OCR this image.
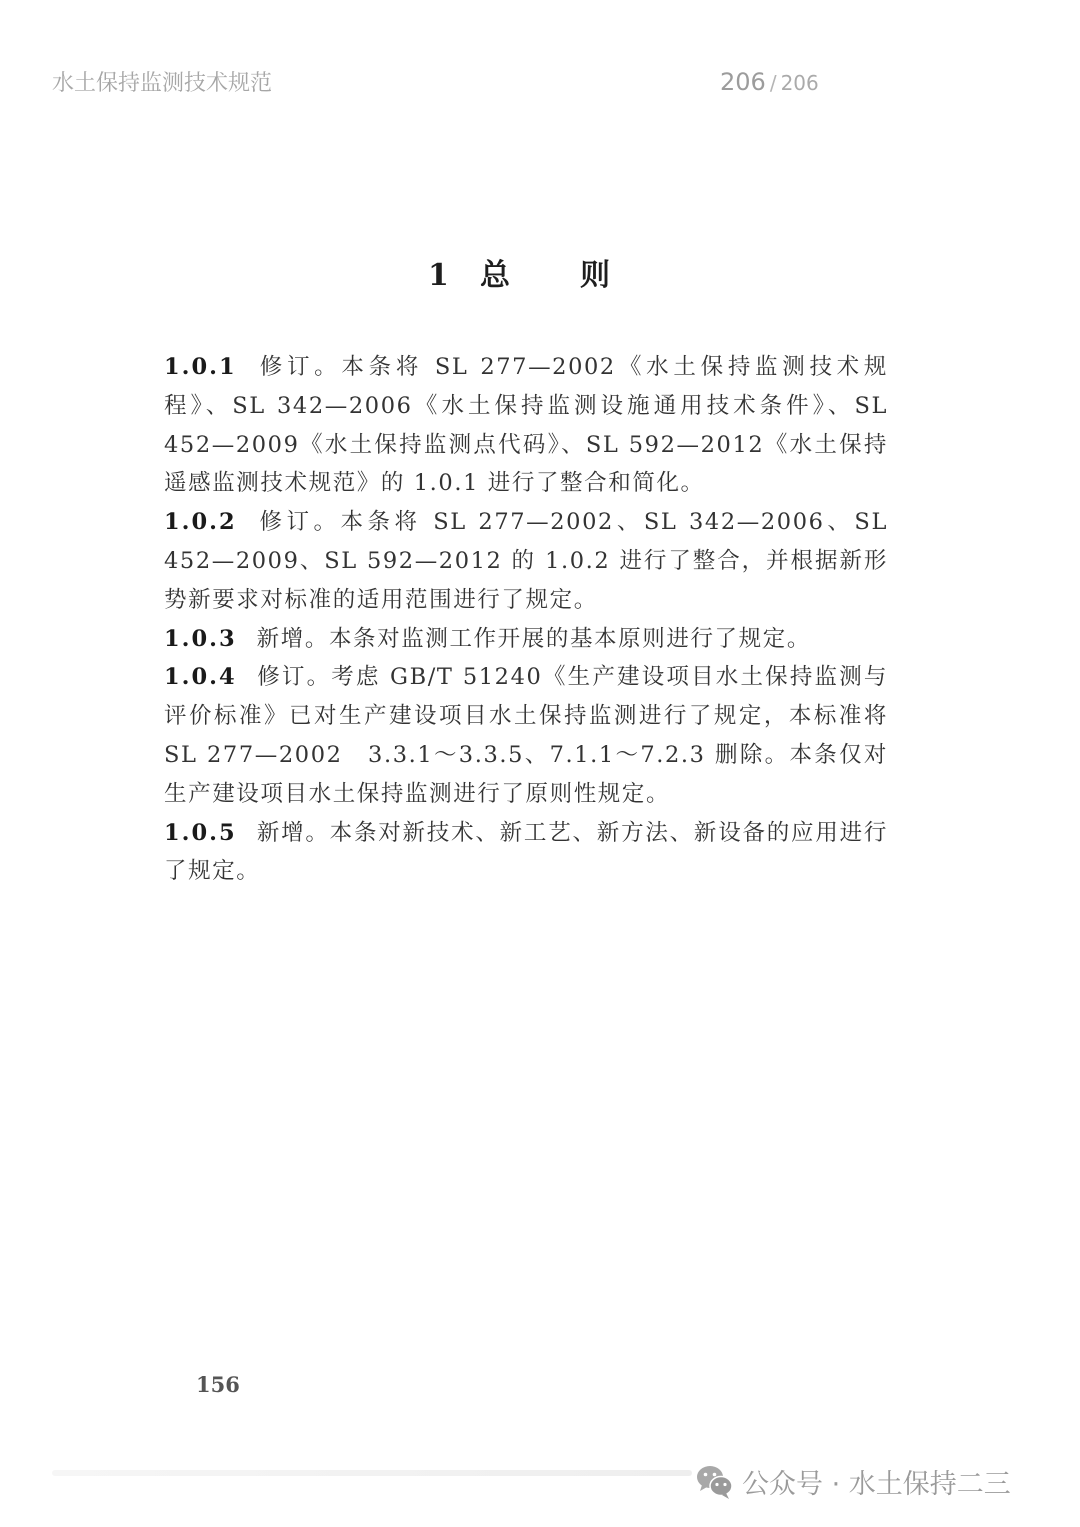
水土保持监测技术规范	206 / 206
1 总 则

1.0.1 修订。本条将 SL 277—2002《水土保持监测技术规程》、SL 342—2006《水土保持监测设施通用技术条件》、SL 452—2009《水土保持监测点代码》、SL 592—2012《水土保持遥感监测技术规范》的 1.0.1 进行了整合和简化。

1.0.2 修订。本条将 SL 277—2002、SL 342—2006、SL 452—2009、SL 592—2012 的 1.0.2 进行了整合，并根据新形势新要求对标准的适用范围进行了规定。

1.0.3 新增。本条对监测工作开展的基本原则进行了规定。

1.0.4 修订。考虑 GB/T 51240《生产建设项目水土保持监测与评价标准》已对生产建设项目水土保持监测进行了规定，本标准将 SL 277—2002　3.3.1～3.3.5、7.1.1～7.2.3 删除。本条仅对生产建设项目水土保持监测进行了原则性规定。

1.0.5 新增。本条对新技术、新工艺、新方法、新设备的应用进行了规定。

156
公众号 · 水土保持二三
